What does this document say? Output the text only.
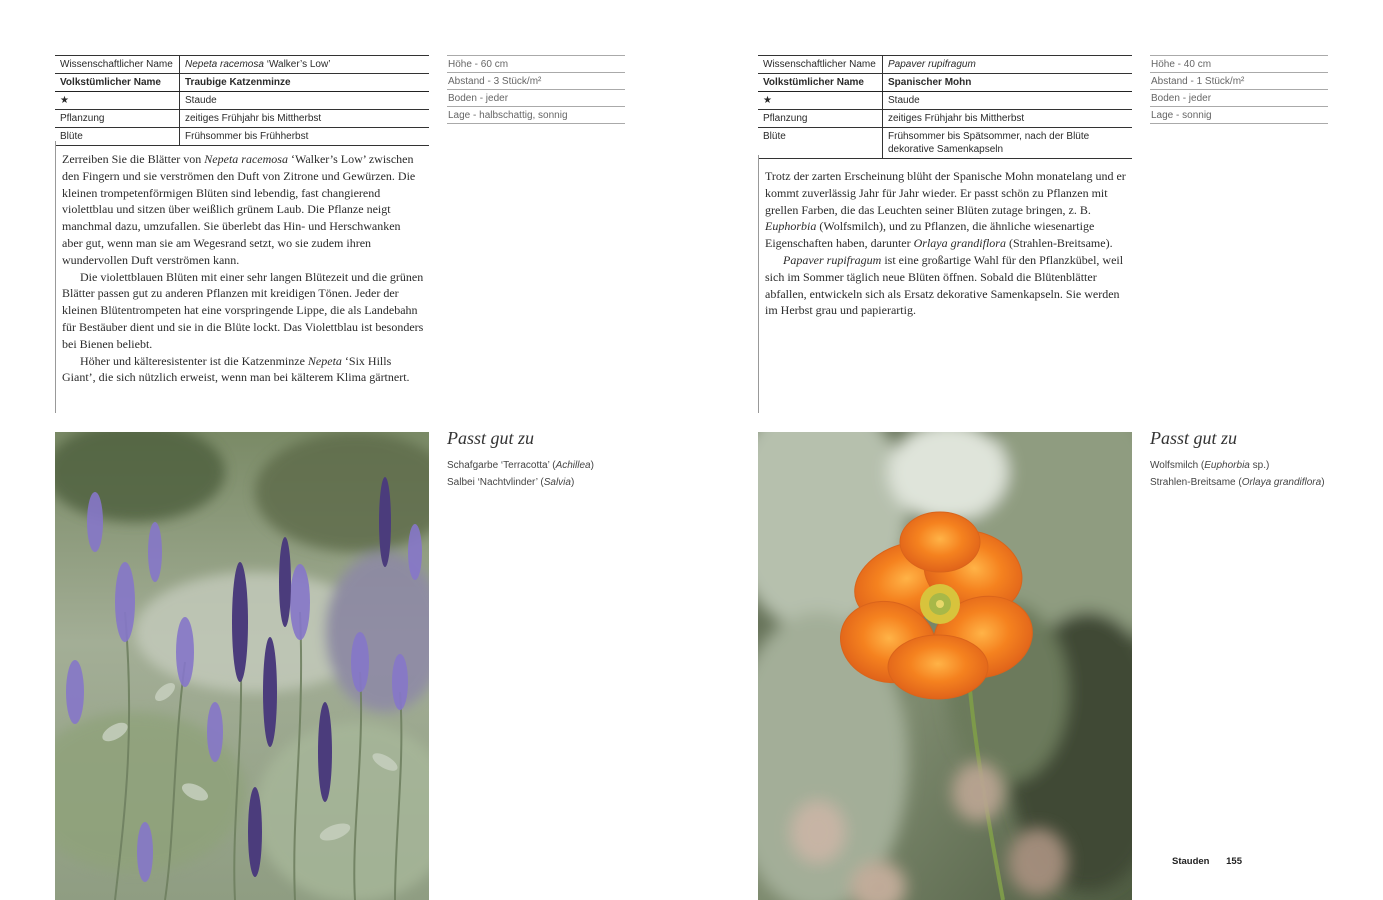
Wissenschaftlicher Name	Nepeta racemosa ‘Walker’s Low’
Volkstümlicher Name	Traubige Katzenminze
★	Staude
Pflanzung	zeitiges Frühjahr bis Mittherbst
Blüte	Frühsommer bis Frühherbst
Höhe - 60 cm
Abstand - 3 Stück/m²
Boden - jeder
Lage - halbschattig, sonnig

Zerreiben Sie die Blätter von Nepeta racemosa ‘Walker’s Low’ zwischen den Fingern und sie verströmen den Duft von Zitrone und Gewürzen. Die kleinen trompetenförmigen Blüten sind lebendig, fast changierend violettblau und sitzen über weißlich grünem Laub. Die Pflanze neigt manchmal dazu, umzufallen. Sie überlebt das Hin- und Herschwanken aber gut, wenn man sie am Wegesrand setzt, wo sie zudem ihren wundervollen Duft verströmen kann.

Die violettblauen Blüten mit einer sehr langen Blütezeit und die grünen Blätter passen gut zu anderen Pflanzen mit kreidigen Tönen. Jeder der kleinen Blütentrompeten hat eine vorspringende Lippe, die als Landebahn für Bestäuber dient und sie in die Blüte lockt. Das Violettblau ist besonders bei Bienen beliebt.

Höher und kälteresistenter ist die Katzenminze Nepeta ‘Six Hills Giant’, die sich nützlich erweist, wenn man bei kälterem Klima gärtnert.

Passt gut zu
Schafgarbe ‘Terracotta’ (Achillea)
Salbei ‘Nachtvlinder’ (Salvia)
Wissenschaftlicher Name	Papaver rupifragum
Volkstümlicher Name	Spanischer Mohn
★	Staude
Pflanzung	zeitiges Frühjahr bis Mittherbst
Blüte	Frühsommer bis Spätsommer, nach der Blüte
dekorative Samenkapseln
Höhe - 40 cm
Abstand - 1 Stück/m²
Boden - jeder
Lage - sonnig

Trotz der zarten Erscheinung blüht der Spanische Mohn monatelang und er kommt zuverlässig Jahr für Jahr wieder. Er passt schön zu Pflanzen mit grellen Farben, die das Leuchten seiner Blüten zutage bringen, z. B. Euphorbia (Wolfsmilch), und zu Pflanzen, die ähnliche wiesenartige Eigenschaften haben, darunter Orlaya grandiflora (Strahlen-Breitsame).

Papaver rupifragum ist eine großartige Wahl für den Pflanzkübel, weil sich im Sommer täglich neue Blüten öffnen. Sobald die Blütenblätter abfallen, entwickeln sich als Ersatz dekorative Samenkapseln. Sie werden im Herbst grau und papierartig.

Passt gut zu
Wolfsmilch (Euphorbia sp.)
Strahlen-Breitsame (Orlaya grandiflora)
Stauden 155
